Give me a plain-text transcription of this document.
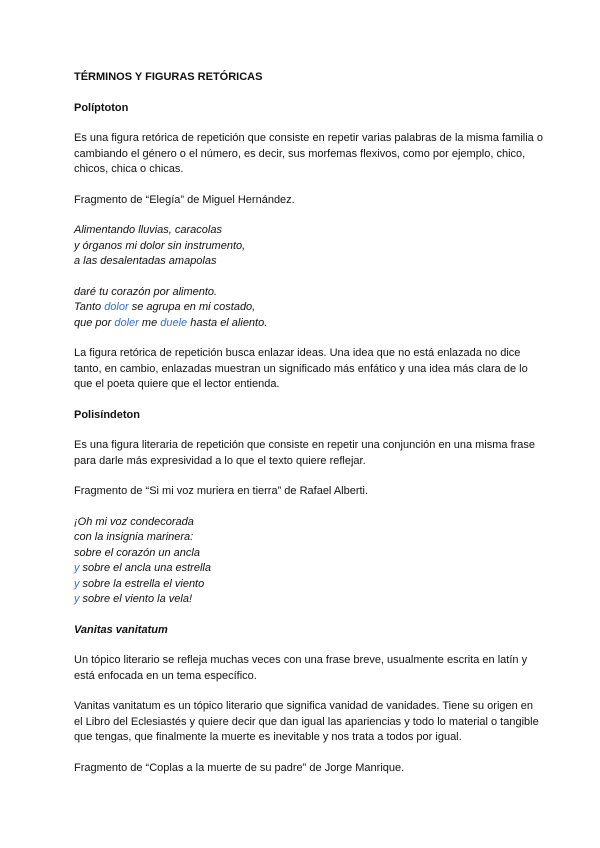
TÉRMINOS Y FIGURAS RETÓRICAS
Políptoton

Es una figura retórica de repetición que consiste en repetir varias palabras de la misma familia o cambiando el género o el número, es decir, sus morfemas flexivos, como por ejemplo, chico, chicos, chica o chicas.

Fragmento de “Elegía” de Miguel Hernández.

Alimentando lluvias, caracolas
y órganos mi dolor sin instrumento,
a las desalentadas amapolas
daré tu corazón por alimento.
Tanto dolor se agrupa en mi costado,
que por doler me duele hasta el aliento.

La figura retórica de repetición busca enlazar ideas. Una idea que no está enlazada no dice tanto, en cambio, enlazadas muestran un significado más enfático y una idea más clara de lo que el poeta quiere que el lector entienda.

Polisíndeton

Es una figura literaria de repetición que consiste en repetir una conjunción en una misma frase para darle más expresividad a lo que el texto quiere reflejar.

Fragmento de “Si mi voz muriera en tierra” de Rafael Alberti.

¡Oh mi voz condecorada
con la insignia marinera:
sobre el corazón un ancla
y sobre el ancla una estrella
y sobre la estrella el viento
y sobre el viento la vela!
Vanitas vanitatum

Un tópico literario se refleja muchas veces con una frase breve, usualmente escrita en latín y está enfocada en un tema específico.

Vanitas vanitatum es un tópico literario que significa vanidad de vanidades. Tiene su origen en el Libro del Eclesiastés y quiere decir que dan igual las apariencias y todo lo material o tangible que tengas, que finalmente la muerte es inevitable y nos trata a todos por igual.

Fragmento de “Coplas a la muerte de su padre” de Jorge Manrique.
